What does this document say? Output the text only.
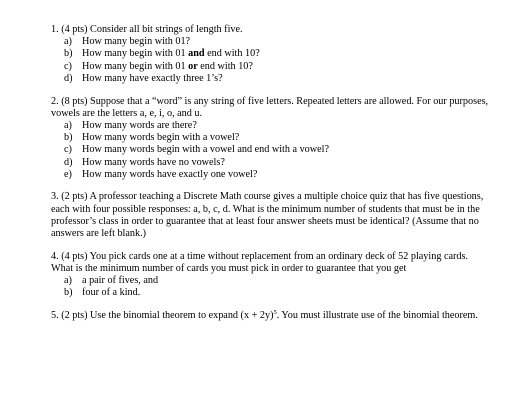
1. (4 pts) Consider all bit strings of length five.

a) How many begin with 01?
b) How many begin with 01 and end with 10?
c) How many begin with 01 or end with 10?
d) How many have exactly three 1’s?

2. (8 pts) Suppose that a “word” is any string of five letters. Repeated letters are allowed. For our purposes, vowels are the letters a, e, i, o, and u.

a) How many words are there?
b) How many words begin with a vowel?
c) How many words begin with a vowel and end with a vowel?
d) How many words have no vowels?
e) How many words have exactly one vowel?

3. (2 pts) A professor teaching a Discrete Math course gives a multiple choice quiz that has five questions, each with four possible responses: a, b, c, d. What is the minimum number of students that must be in the professor’s class in order to guarantee that at least four answer sheets must be identical? (Assume that no answers are left blank.)

4. (4 pts) You pick cards one at a time without replacement from an ordinary deck of 52 playing cards. What is the minimum number of cards you must pick in order to guarantee that you get

a) a pair of fives, and
b) four of a kind.

5. (2 pts) Use the binomial theorem to expand $(x + 2y)^5$. You must illustrate use of the binomial theorem.
